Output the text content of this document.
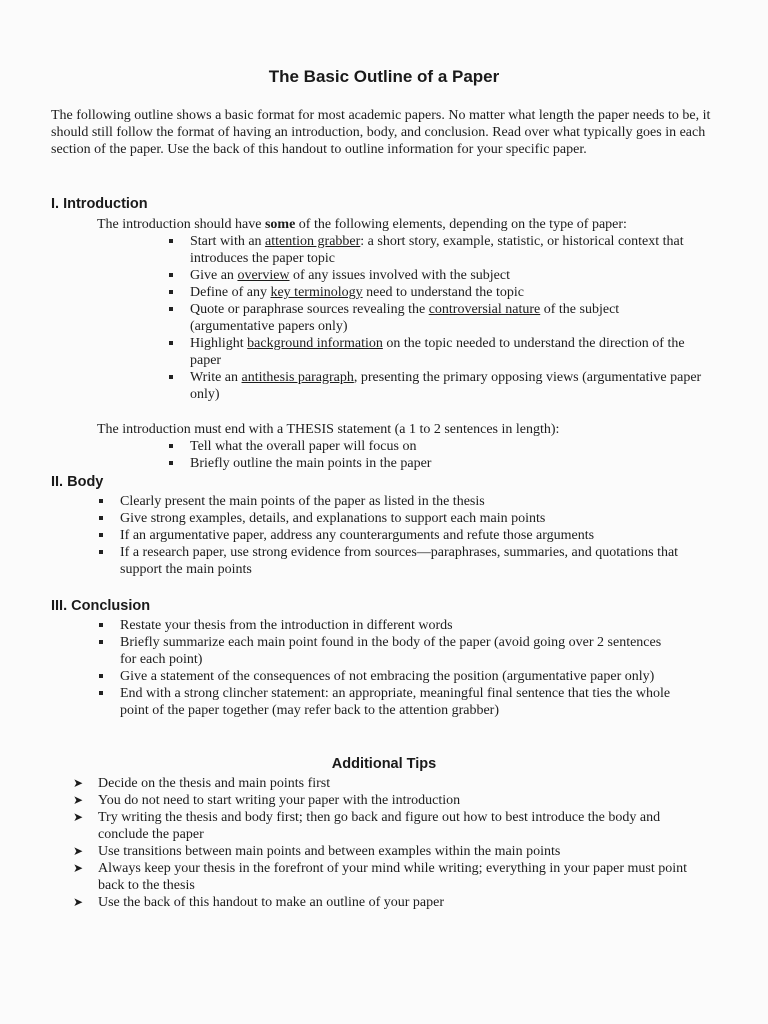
The Basic Outline of a Paper
The following outline shows a basic format for most academic papers. No matter what length the paper needs to be, it should still follow the format of having an introduction, body, and conclusion. Read over what typically goes in each section of the paper. Use the back of this handout to outline information for your specific paper.
I. Introduction
The introduction should have some of the following elements, depending on the type of paper:
Start with an attention grabber: a short story, example, statistic, or historical context that introduces the paper topic
Give an overview of any issues involved with the subject
Define of any key terminology need to understand the topic
Quote or paraphrase sources revealing the controversial nature of the subject (argumentative papers only)
Highlight background information on the topic needed to understand the direction of the paper
Write an antithesis paragraph, presenting the primary opposing views (argumentative paper only)
The introduction must end with a THESIS statement (a 1 to 2 sentences in length):
Tell what the overall paper will focus on
Briefly outline the main points in the paper
II. Body
Clearly present the main points of the paper as listed in the thesis
Give strong examples, details, and explanations to support each main points
If an argumentative paper, address any counterarguments and refute those arguments
If a research paper, use strong evidence from sources—paraphrases, summaries, and quotations that support the main points
III. Conclusion
Restate your thesis from the introduction in different words
Briefly summarize each main point found in the body of the paper (avoid going over 2 sentences for each point)
Give a statement of the consequences of not embracing the position (argumentative paper only)
End with a strong clincher statement: an appropriate, meaningful final sentence that ties the whole point of the paper together (may refer back to the attention grabber)
Additional Tips
➤ Decide on the thesis and main points first
➤ You do not need to start writing your paper with the introduction
➤ Try writing the thesis and body first; then go back and figure out how to best introduce the body and conclude the paper
➤ Use transitions between main points and between examples within the main points
➤ Always keep your thesis in the forefront of your mind while writing; everything in your paper must point back to the thesis
➤ Use the back of this handout to make an outline of your paper
